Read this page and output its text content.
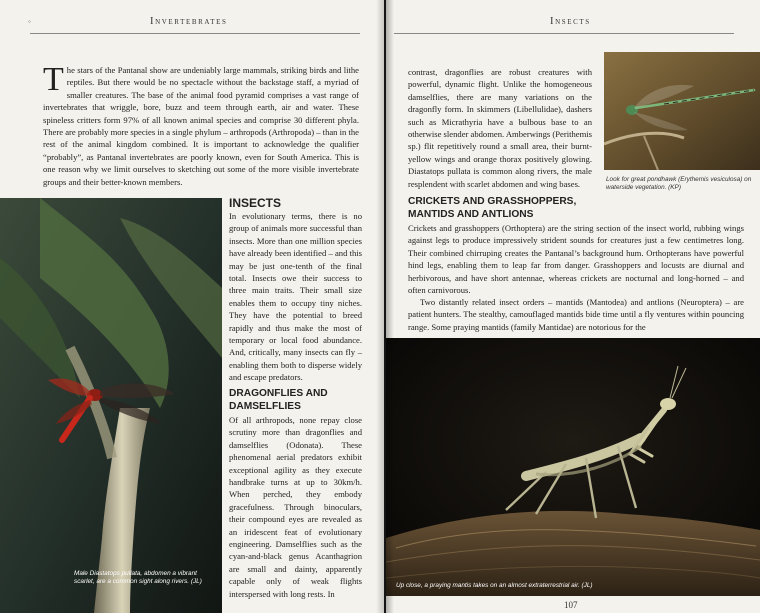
◦	Invertebrates

The stars of the Pantanal show are undeniably large mammals, striking birds and lithe reptiles. But there would be no spectacle without the backstage staff, a myriad of smaller creatures. The base of the animal food pyramid comprises a vast range of invertebrates that wriggle, bore, buzz and teem through earth, air and water. These spineless critters form 97% of all known animal species and comprise 30 different phyla. There are probably more species in a single phylum – arthropods (Arthropoda) – than in the rest of the animal kingdom combined. It is important to acknowledge the qualifier “probably”, as Pantanal invertebrates are poorly known, even for South America. This is one reason why we limit ourselves to sketching out some of the more visible invertebrate groups and their better-known members.

Male Diastatops pullata, abdomen a vibrant scarlet, are a common sight along rivers. (JL)

INSECTS

In evolutionary terms, there is no group of animals more successful than insects. More than one million species have already been identified – and this may be just one-tenth of the final total. Insects owe their success to three main traits. Their small size enables them to occupy tiny niches. They have the potential to breed rapidly and thus make the most of temporary or local food abundance. And, critically, many insects can fly – enabling them both to disperse widely and escape predators.

DRAGONFLIES AND DAMSELFLIES

Of all arthropods, none repay close scrutiny more than dragonflies and damselflies (Odonata). These phenomenal aerial predators exhibit exceptional agility as they execute handbrake turns at up to 30km/h. When perched, they embody gracefulness. Through binoculars, their compound eyes are revealed as an iridescent feat of evolutionary engineering. Damselflies such as the cyan-and-black genus Acanthagrion are small and dainty, apparently capable only of weak flights interspersed with long rests. In

Insects

contrast, dragonflies are robust creatures with powerful, dynamic flight. Unlike the homogeneous damselflies, there are many variations on the dragonfly form. In skimmers (Libellulidae), dashers such as Micrathyria have a bulbous base to an otherwise slender abdomen. Amberwings (Perithemis sp.) flit repetitively round a small area, their burnt-yellow wings and orange thorax positively glowing. Diastatops pullata is common along rivers, the male resplendent with scarlet abdomen and wing bases.	Look for great pondhawk (Erythemis vesiculosa) on waterside vegetation. (KP)

CRICKETS AND GRASSHOPPERS, MANTIDS AND ANTLIONS

Crickets and grasshoppers (Orthoptera) are the string section of the insect world, rubbing wings against legs to produce impressively strident sounds for creatures just a few centimetres long. Their combined chirruping creates the Pantanal’s background hum. Orthopterans have powerful hind legs, enabling them to leap far from danger. Grasshoppers and locusts are diurnal and herbivorous, and have short antennae, whereas crickets are nocturnal and long-horned – and often carnivorous.

Two distantly related insect orders – mantids (Mantodea) and antlions (Neuroptera) – are patient hunters. The stealthy, camouflaged mantids bide time until a fly ventures within pouncing range. Some praying mantids (family Mantidae) are notorious for the

Up close, a praying mantis takes on an almost extraterrestrial air. (JL)

107
